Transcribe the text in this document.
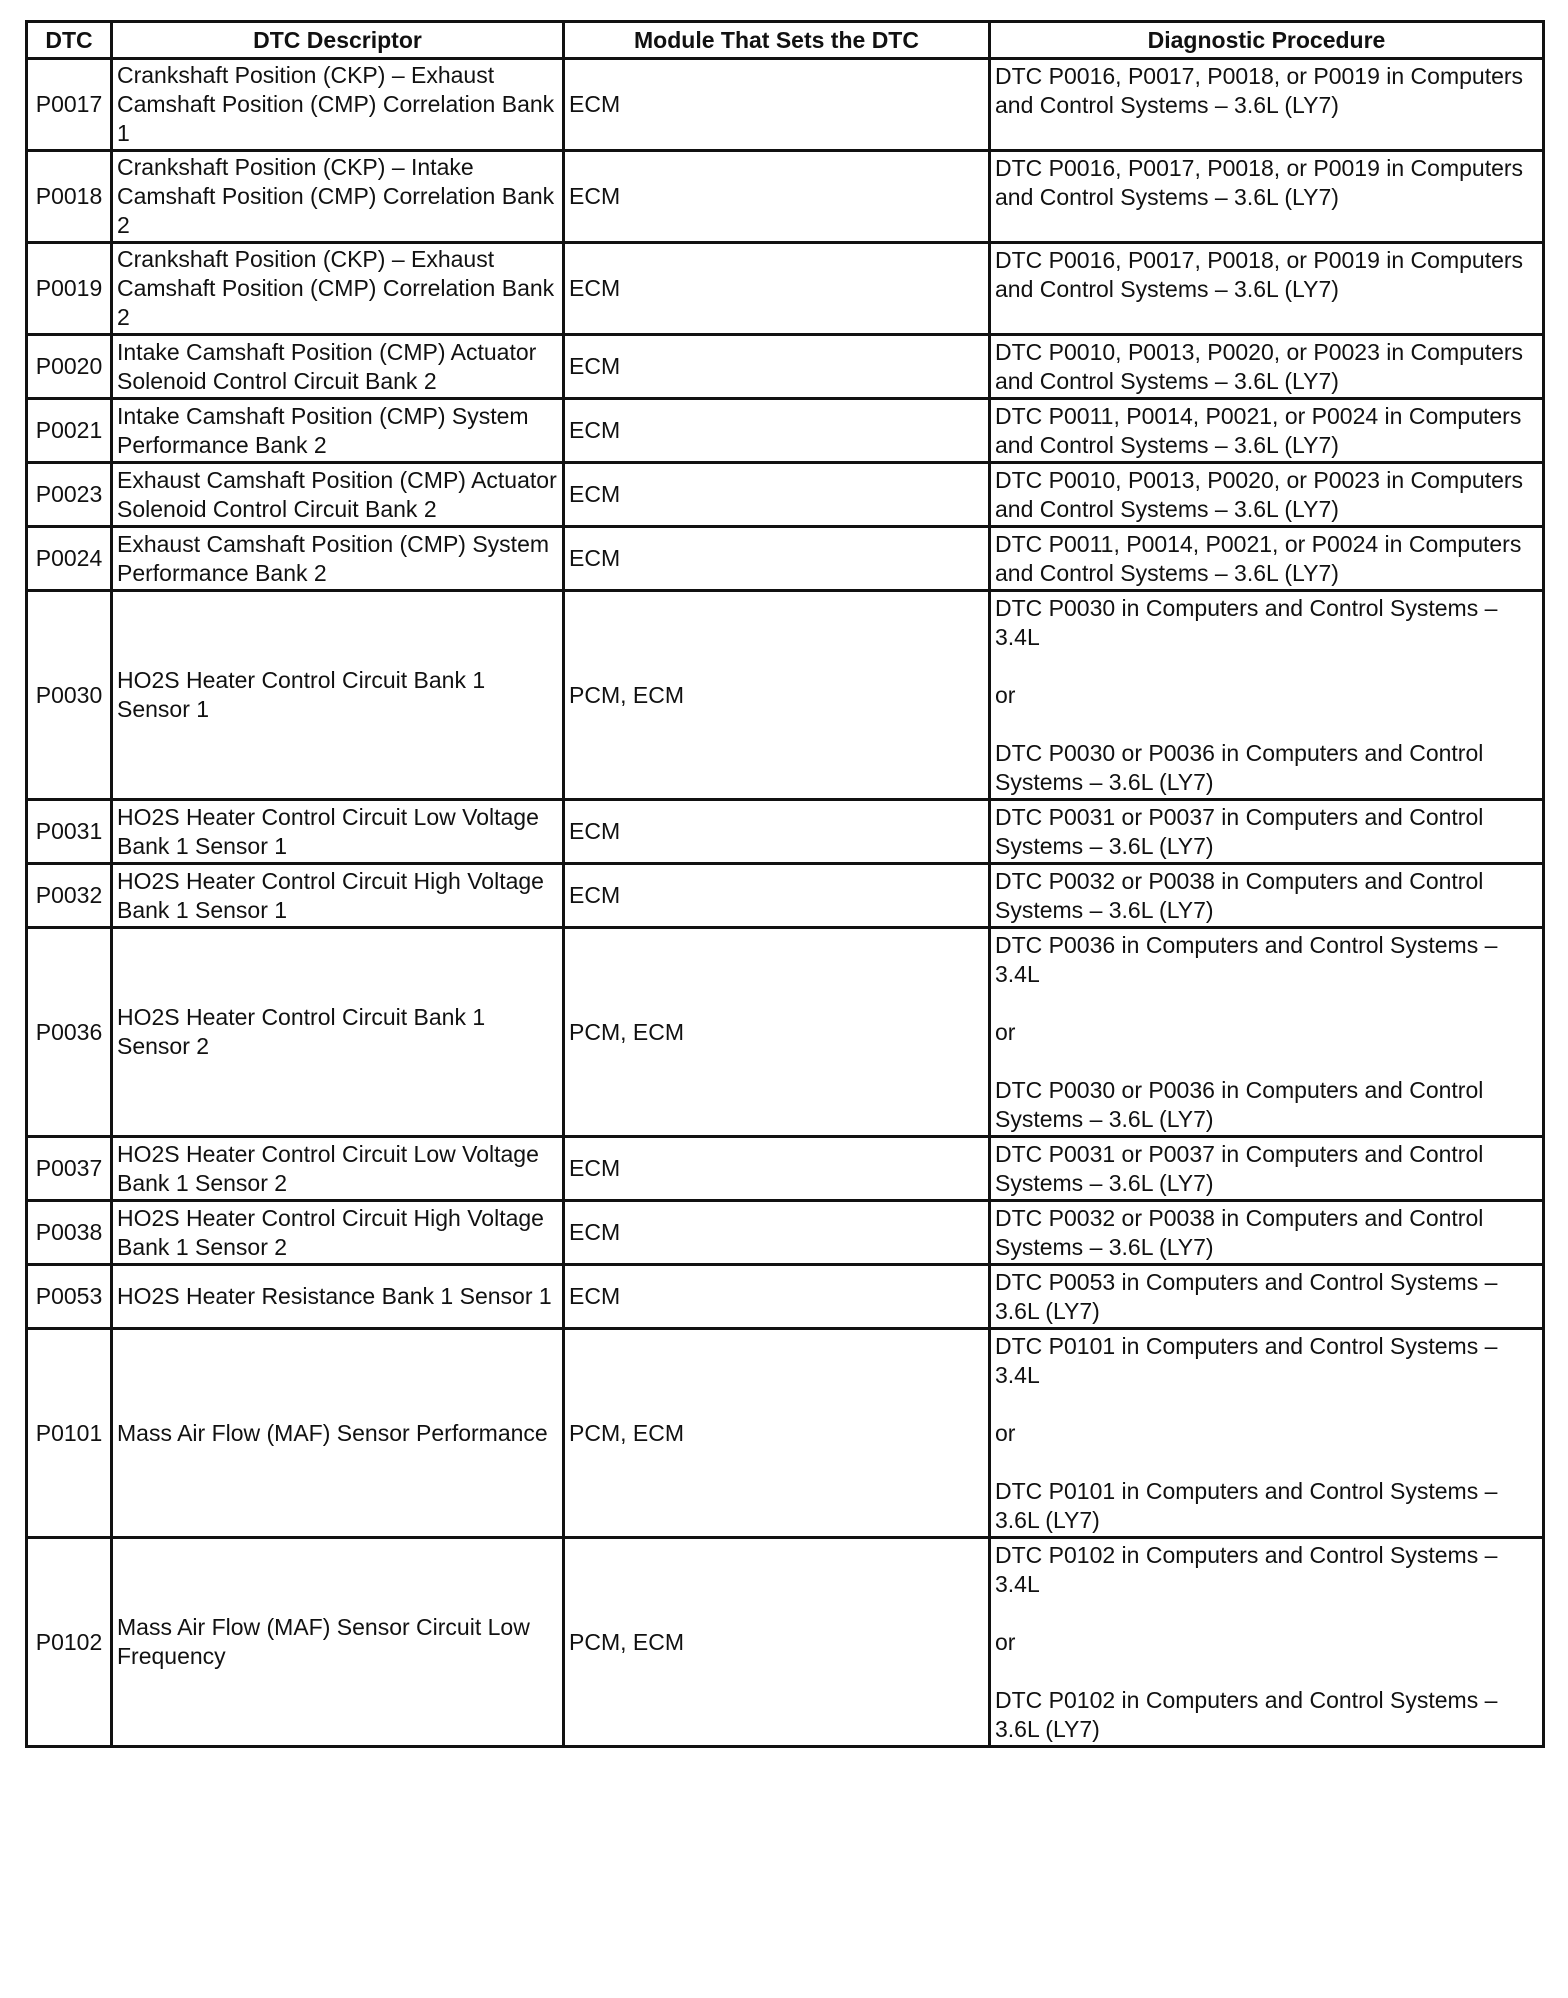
DTC	DTC Descriptor	Module That Sets the DTC	Diagnostic Procedure
P0017	Crankshaft Position (CKP) – Exhaust Camshaft Position (CMP) Correlation Bank 1	ECM	DTC P0016, P0017, P0018, or P0019 in Computers and Control Systems – 3.6L (LY7)

P0018	Crankshaft Position (CKP) – Intake Camshaft Position (CMP) Correlation Bank 2	ECM	DTC P0016, P0017, P0018, or P0019 in Computers and Control Systems – 3.6L (LY7)

P0019	Crankshaft Position (CKP) – Exhaust Camshaft Position (CMP) Correlation Bank 2	ECM	DTC P0016, P0017, P0018, or P0019 in Computers and Control Systems – 3.6L (LY7)

P0020	Intake Camshaft Position (CMP) Actuator Solenoid Control Circuit Bank 2	ECM	DTC P0010, P0013, P0020, or P0023 in Computers and Control Systems – 3.6L (LY7)

P0021	Intake Camshaft Position (CMP) System Performance Bank 2	ECM	DTC P0011, P0014, P0021, or P0024 in Computers and Control Systems – 3.6L (LY7)

P0023	Exhaust Camshaft Position (CMP) Actuator Solenoid Control Circuit Bank 2	ECM	DTC P0010, P0013, P0020, or P0023 in Computers and Control Systems – 3.6L (LY7)

P0024	Exhaust Camshaft Position (CMP) System Performance Bank 2	ECM	DTC P0011, P0014, P0021, or P0024 in Computers and Control Systems – 3.6L (LY7)

P0030	HO2S Heater Control Circuit Bank 1 Sensor 1	PCM, ECM	DTC P0030 in Computers and Control Systems – 3.4L
or
DTC P0030 or P0036 in Computers and Control Systems – 3.6L (LY7)

P0031	HO2S Heater Control Circuit Low Voltage Bank 1 Sensor 1	ECM	DTC P0031 or P0037 in Computers and Control Systems – 3.6L (LY7)

P0032	HO2S Heater Control Circuit High Voltage Bank 1 Sensor 1	ECM	DTC P0032 or P0038 in Computers and Control Systems – 3.6L (LY7)

P0036	HO2S Heater Control Circuit Bank 1 Sensor 2	PCM, ECM	DTC P0036 in Computers and Control Systems – 3.4L
or
DTC P0030 or P0036 in Computers and Control Systems – 3.6L (LY7)

P0037	HO2S Heater Control Circuit Low Voltage Bank 1 Sensor 2	ECM	DTC P0031 or P0037 in Computers and Control Systems – 3.6L (LY7)

P0038	HO2S Heater Control Circuit High Voltage Bank 1 Sensor 2	ECM	DTC P0032 or P0038 in Computers and Control Systems – 3.6L (LY7)

P0053	HO2S Heater Resistance Bank 1 Sensor 1	ECM	DTC P0053 in Computers and Control Systems – 3.6L (LY7)

P0101	Mass Air Flow (MAF) Sensor Performance	PCM, ECM	DTC P0101 in Computers and Control Systems – 3.4L
or
DTC P0101 in Computers and Control Systems – 3.6L (LY7)

P0102	Mass Air Flow (MAF) Sensor Circuit Low Frequency	PCM, ECM	DTC P0102 in Computers and Control Systems – 3.4L
or
DTC P0102 in Computers and Control Systems – 3.6L (LY7)
